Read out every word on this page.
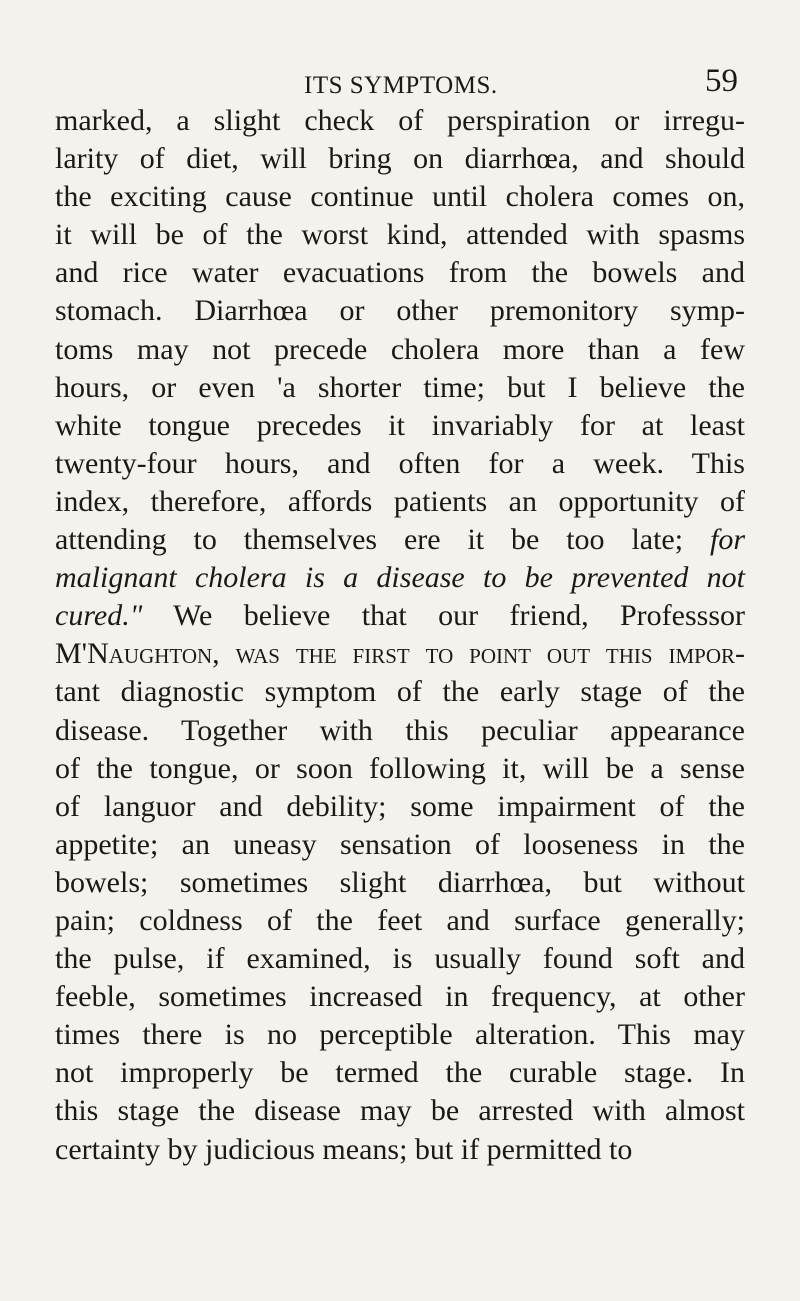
ITS SYMPTOMS.	59
marked, a slight check of perspiration or irregu-
larity of diet, will bring on diarrhœa, and should
the exciting cause continue until cholera comes on,
it will be of the worst kind, attended with spasms
and rice water evacuations from the bowels and
stomach. Diarrhœa or other premonitory symp-
toms may not precede cholera more than a few
hours, or even 'a shorter time; but I believe the
white tongue precedes it invariably for at least
twenty-four hours, and often for a week. This
index, therefore, affords patients an opportunity of
attending to themselves ere it be too late; for
malignant cholera is a disease to be prevented not
cured." We believe that our friend, Professsor
M'Naughton, was the first to point out this impor-
tant diagnostic symptom of the early stage of the
disease. Together with this peculiar appearance
of the tongue, or soon following it, will be a sense
of languor and debility; some impairment of the
appetite; an uneasy sensation of looseness in the
bowels; sometimes slight diarrhœa, but without
pain; coldness of the feet and surface generally;
the pulse, if examined, is usually found soft and
feeble, sometimes increased in frequency, at other
times there is no perceptible alteration. This may
not improperly be termed the curable stage. In
this stage the disease may be arrested with almost
certainty by judicious means; but if permitted to
